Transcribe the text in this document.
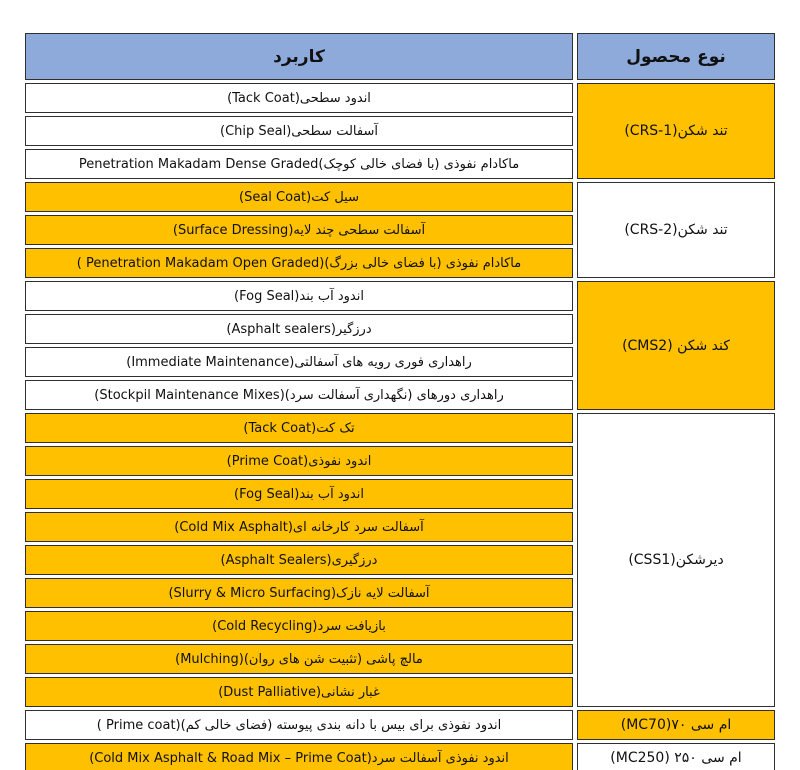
نوع محصول	کاربرد
تند شکن(CRS-1)	اندود سطحی(Tack Coat)
	آسفالت سطحی(Chip Seal)
	ماکادام نفوذی (با فضای خالی کوچک)Penetration Makadam Dense Graded
تند شکن(CRS-2)	سیل کت(Seal Coat)
	آسفالت سطحی چند لایه(Surface Dressing)
	ماکادام نفوذی (با فضای خالی بزرگ)(Penetration Makadam Open Graded )
کند شکن (CMS2)	اندود آب بند(Fog Seal)
	درزگیر(Asphalt sealers)
	راهداری فوری رویه های آسفالتی(Immediate Maintenance)
	راهداری دورهای (نگهداری آسفالت سرد)(Stockpil Maintenance Mixes)
دیرشکن(CSS1)	تک کت(Tack Coat)
	اندود نفوذی(Prime Coat)
	اندود آب بند(Fog Seal)
	آسفالت سرد کارخانه ای(Cold Mix Asphalt)
	درزگیری(Asphalt Sealers)
	آسفالت لایه نازک(Slurry & Micro Surfacing)
	بازیافت سرد(Cold Recycling)
	مالچ پاشی (تثبیت شن های روان)(Mulching)
	غبار نشانی(Dust Palliative)
ام سی ۷۰(MC70)	اندود نفوذی برای بیس با دانه بندی پیوسته (فضای خالی کم)(Prime coat )
ام سی ۲۵۰ (MC250)	اندود نفوذی آسفالت سرد(Cold Mix Asphalt & Road Mix – Prime Coat)
